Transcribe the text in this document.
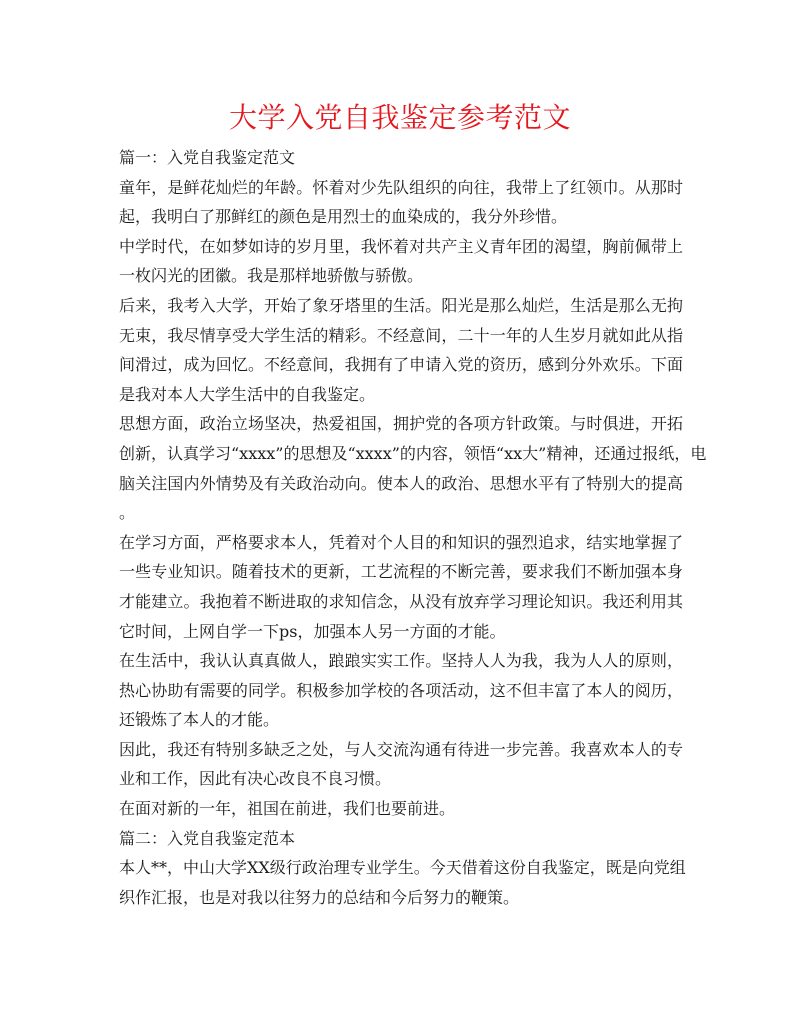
大学入党自我鉴定参考范文
篇一：入党自我鉴定范文
童年，是鲜花灿烂的年龄。怀着对少先队组织的向往，我带上了红领巾。从那时
起，我明白了那鲜红的颜色是用烈士的血染成的，我分外珍惜。
中学时代，在如梦如诗的岁月里，我怀着对共产主义青年团的渴望，胸前佩带上
一枚闪光的团徽。我是那样地骄傲与骄傲。
后来，我考入大学，开始了象牙塔里的生活。阳光是那么灿烂，生活是那么无拘
无束，我尽情享受大学生活的精彩。不经意间，二十一年的人生岁月就如此从指
间滑过，成为回忆。不经意间，我拥有了申请入党的资历，感到分外欢乐。下面
是我对本人大学生活中的自我鉴定。
思想方面，政治立场坚决，热爱祖国，拥护党的各项方针政策。与时俱进，开拓
创新，认真学习“xxxx”的思想及“xxxx”的内容，领悟“xx大”精神，还通过报纸，电
脑关注国内外情势及有关政治动向。使本人的政治、思想水平有了特别大的提高
。
在学习方面，严格要求本人，凭着对个人目的和知识的强烈追求，结实地掌握了
一些专业知识。随着技术的更新，工艺流程的不断完善，要求我们不断加强本身
才能建立。我抱着不断进取的求知信念，从没有放弃学习理论知识。我还利用其
它时间，上网自学一下ps，加强本人另一方面的才能。
在生活中，我认认真真做人，踉踉实实工作。坚持人人为我，我为人人的原则，
热心协助有需要的同学。积极参加学校的各项活动，这不但丰富了本人的阅历，
还锻炼了本人的才能。
因此，我还有特别多缺乏之处，与人交流沟通有待进一步完善。我喜欢本人的专
业和工作，因此有决心改良不良习惯。
在面对新的一年，祖国在前进，我们也要前进。
篇二：入党自我鉴定范本
本人**，中山大学XX级行政治理专业学生。今天借着这份自我鉴定，既是向党组
织作汇报，也是对我以往努力的总结和今后努力的鞭策。
